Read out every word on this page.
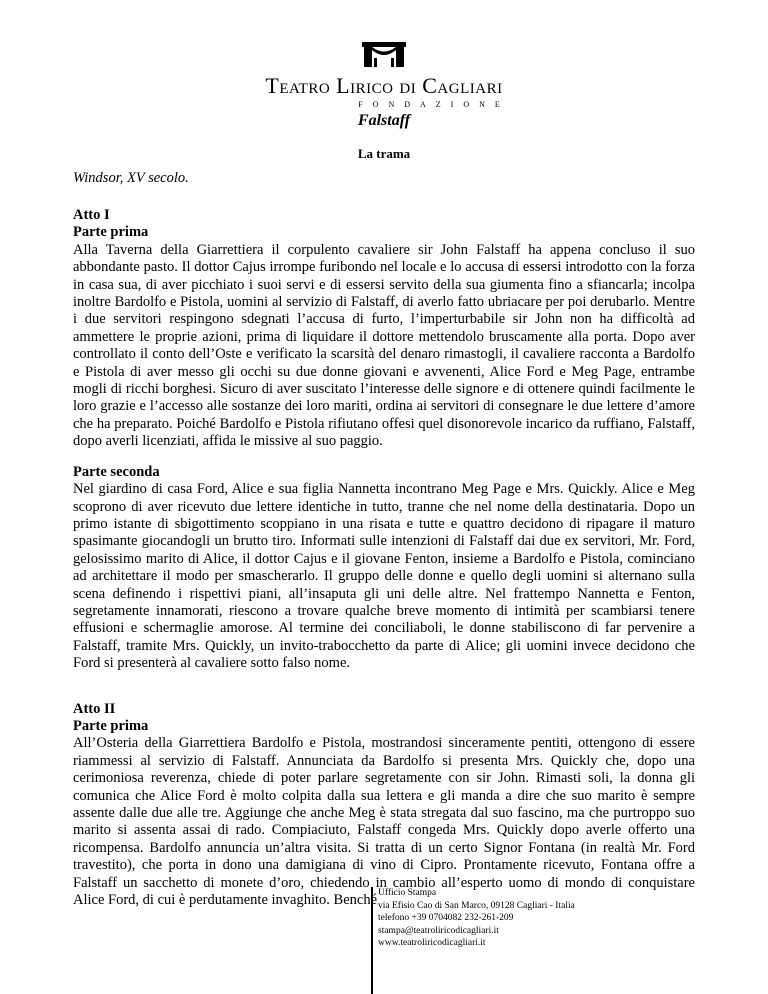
Teatro Lirico di Cagliari
FONDAZIONE
Falstaff
La trama
Windsor, XV secolo.

Atto I

Parte prima

Alla Taverna della Giarrettiera il corpulento cavaliere sir John Falstaff ha appena concluso il suo abbondante pasto. Il dottor Cajus irrompe furibondo nel locale e lo accusa di essersi introdotto con la forza in casa sua, di aver picchiato i suoi servi e di essersi servito della sua giumenta fino a sfiancarla; incolpa inoltre Bardolfo e Pistola, uomini al servizio di Falstaff, di averlo fatto ubriacare per poi derubarlo. Mentre i due servitori respingono sdegnati l’accusa di furto, l’imperturbabile sir John non ha difficoltà ad ammettere le proprie azioni, prima di liquidare il dottore mettendolo bruscamente alla porta. Dopo aver controllato il conto dell’Oste e verificato la scarsità del denaro rimastogli, il cavaliere racconta a Bardolfo e Pistola di aver messo gli occhi su due donne giovani e avvenenti, Alice Ford e Meg Page, entrambe mogli di ricchi borghesi. Sicuro di aver suscitato l’interesse delle signore e di ottenere quindi facilmente le loro grazie e l’accesso alle sostanze dei loro mariti, ordina ai servitori di consegnare le due lettere d’amore che ha preparato. Poiché Bardolfo e Pistola rifiutano offesi quel disonorevole incarico da ruffiano, Falstaff, dopo averli licenziati, affida le missive al suo paggio.

Parte seconda

Nel giardino di casa Ford, Alice e sua figlia Nannetta incontrano Meg Page e Mrs. Quickly. Alice e Meg scoprono di aver ricevuto due lettere identiche in tutto, tranne che nel nome della destinataria. Dopo un primo istante di sbigottimento scoppiano in una risata e tutte e quattro decidono di ripagare il maturo spasimante giocandogli un brutto tiro. Informati sulle intenzioni di Falstaff dai due ex servitori, Mr. Ford, gelosissimo marito di Alice, il dottor Cajus e il giovane Fenton, insieme a Bardolfo e Pistola, cominciano ad architettare il modo per smascherarlo. Il gruppo delle donne e quello degli uomini si alternano sulla scena definendo i rispettivi piani, all’insaputa gli uni delle altre. Nel frattempo Nannetta e Fenton, segretamente innamorati, riescono a trovare qualche breve momento di intimità per scambiarsi tenere effusioni e schermaglie amorose. Al termine dei conciliaboli, le donne stabiliscono di far pervenire a Falstaff, tramite Mrs. Quickly, un invito-trabocchetto da parte di Alice; gli uomini invece decidono che Ford si presenterà al cavaliere sotto falso nome.

Atto II

Parte prima

All’Osteria della Giarrettiera Bardolfo e Pistola, mostrandosi sinceramente pentiti, ottengono di essere riammessi al servizio di Falstaff. Annunciata da Bardolfo si presenta Mrs. Quickly che, dopo una cerimoniosa reverenza, chiede di poter parlare segretamente con sir John. Rimasti soli, la donna gli comunica che Alice Ford è molto colpita dalla sua lettera e gli manda a dire che suo marito è sempre assente dalle due alle tre. Aggiunge che anche Meg è stata stregata dal suo fascino, ma che purtroppo suo marito si assenta assai di rado. Compiaciuto, Falstaff congeda Mrs. Quickly dopo averle offerto una ricompensa. Bardolfo annuncia un’altra visita. Si tratta di un certo Signor Fontana (in realtà Mr. Ford travestito), che porta in dono una damigiana di vino di Cipro. Prontamente ricevuto, Fontana offre a Falstaff un sacchetto di monete d’oro, chiedendo in cambio all’esperto uomo di mondo di conquistare Alice Ford, di cui è perdutamente invaghito. Benché Ufficio Stampa
via Efisio Cao di San Marco, 09128 Cagliari - Italia
telefono +39 0704082 232-261-209
stampa@teatroliricodicagliari.it
www.teatroliricodicagliari.it
